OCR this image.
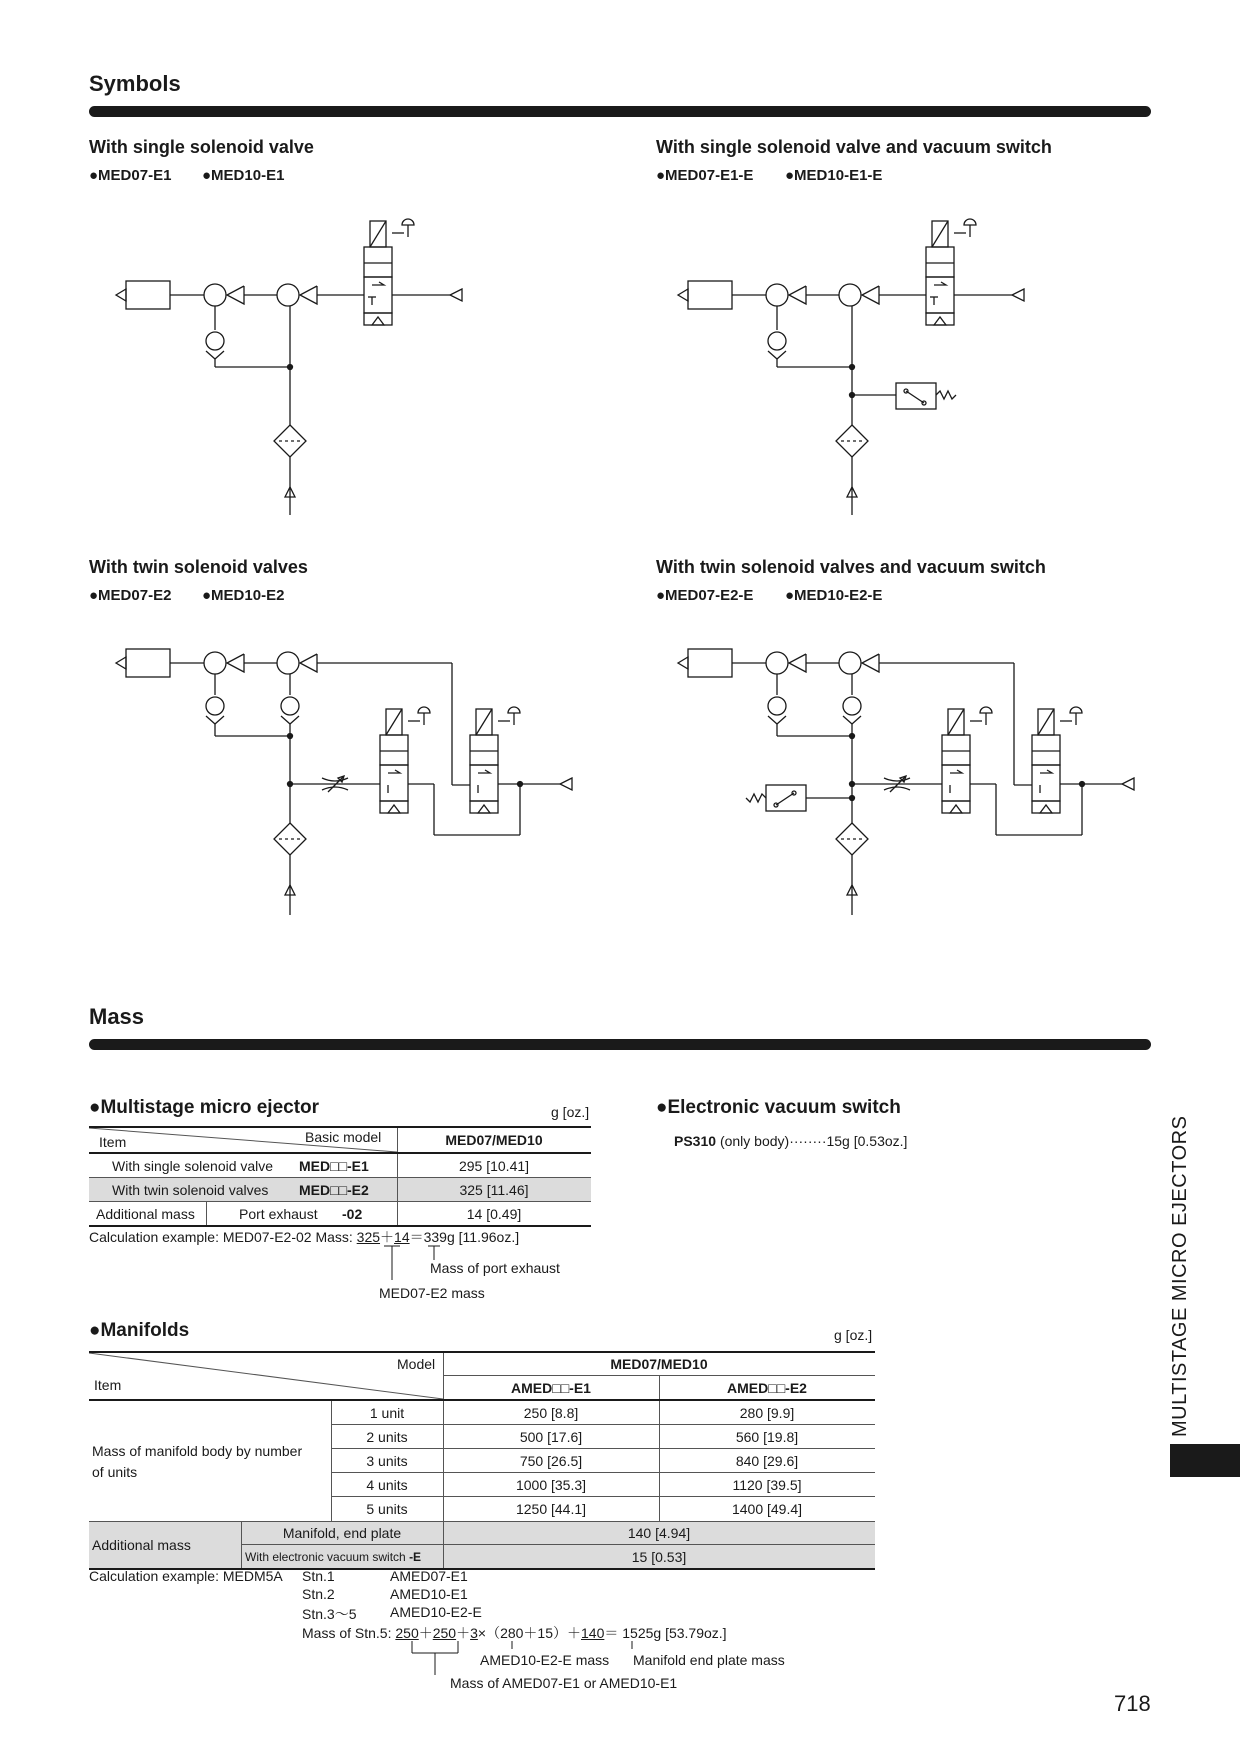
Symbols
With single solenoid valve
●MED07-E1 ●MED10-E1
With single solenoid valve and vacuum switch
●MED07-E1-E ●MED10-E1-E
With twin solenoid valves
●MED07-E2 ●MED10-E2
With twin solenoid valves and vacuum switch
●MED07-E2-E ●MED10-E2-E
Mass
●Multistage micro ejector	g [oz.]
Item	Basic model	MED07/MED10
With single solenoid valve MED□□-E1	295 [10.41]
With twin solenoid valves MED□□-E2	325 [11.46]
Additional mass	Port exhaust -02	14 [0.49]
Calculation example: MED07-E2-02 Mass: 325＋14＝339g [11.96oz.]
Mass of port exhaust
MED07-E2 mass
●Electronic vacuum switch
PS310 (only body)········15g [0.53oz.]
●Manifolds	g [oz.]
Model
Item
MED07/MED10
AMED□□-E1	AMED□□-E2
Mass of manifold body by number of units
1 unit	250 [8.8]	280 [9.9]
2 units	500 [17.6]	560 [19.8]
3 units	750 [26.5]	840 [29.6]
4 units	1000 [35.3]	1120 [39.5]
5 units	1250 [44.1]	1400 [49.4]
Additional mass
Manifold, end plate	140 [4.94]
With electronic vacuum switch -E	15 [0.53]
Calculation example: MEDM5A Stn.1	AMED07-E1
Stn.2	AMED10-E1
Stn.3～5 AMED10-E2-E
Mass of Stn.5: 250＋250＋3×（280＋15）＋140＝ 1525g [53.79oz.]
AMED10-E2-E mass Manifold end plate mass
Mass of AMED07-E1 or AMED10-E1
MULTISTAGE MICRO EJECTORS
718
